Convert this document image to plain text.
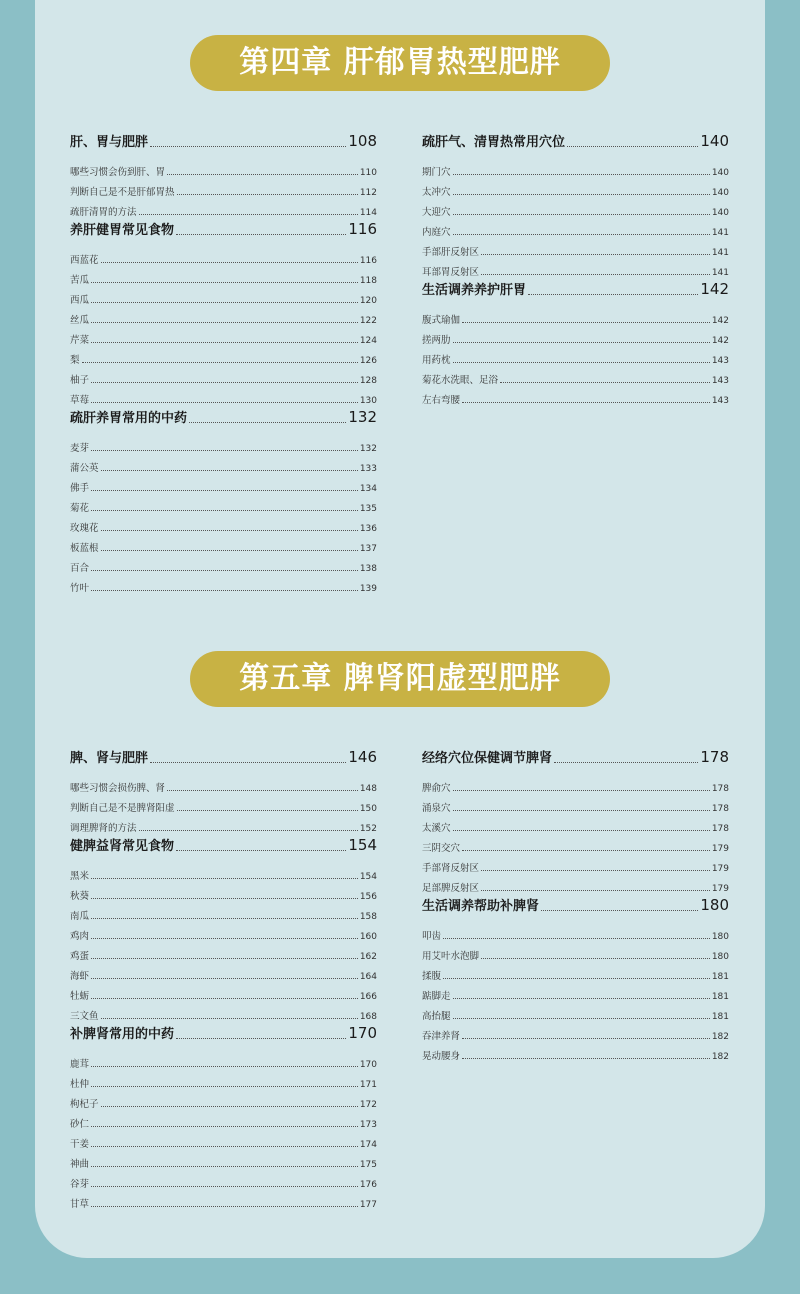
第四章 肝郁胃热型肥胖
肝、胃与肥胖	108
哪些习惯会伤到肝、胃	110
判断自己是不是肝郁胃热	112
疏肝清胃的方法	114
养肝健胃常见食物	116
西蓝花	116
苦瓜	118
西瓜	120
丝瓜	122
芹菜	124
梨	126
柚子	128
草莓	130
疏肝养胃常用的中药	132
麦芽	132
蒲公英	133
佛手	134
菊花	135
玫瑰花	136
板蓝根	137
百合	138
竹叶	139
疏肝气、清胃热常用穴位	140
期门穴	140
太冲穴	140
大迎穴	140
内庭穴	141
手部肝反射区	141
耳部胃反射区	141
生活调养养护肝胃	142
腹式瑜伽	142
搓两肋	142
用药枕	143
菊花水洗眼、足浴	143
左右弯腰	143
第五章 脾肾阳虚型肥胖
脾、肾与肥胖	146
哪些习惯会损伤脾、肾	148
判断自己是不是脾肾阳虚	150
调理脾肾的方法	152
健脾益肾常见食物	154
黑米	154
秋葵	156
南瓜	158
鸡肉	160
鸡蛋	162
海虾	164
牡蛎	166
三文鱼	168
补脾肾常用的中药	170
鹿茸	170
杜仲	171
枸杞子	172
砂仁	173
干姜	174
神曲	175
谷芽	176
甘草	177
经络穴位保健调节脾肾	178
脾俞穴	178
涌泉穴	178
太溪穴	178
三阴交穴	179
手部肾反射区	179
足部脾反射区	179
生活调养帮助补脾肾	180
叩齿	180
用艾叶水泡脚	180
揉腹	181
踮脚走	181
高抬腿	181
吞津养肾	182
晃动腰身	182
